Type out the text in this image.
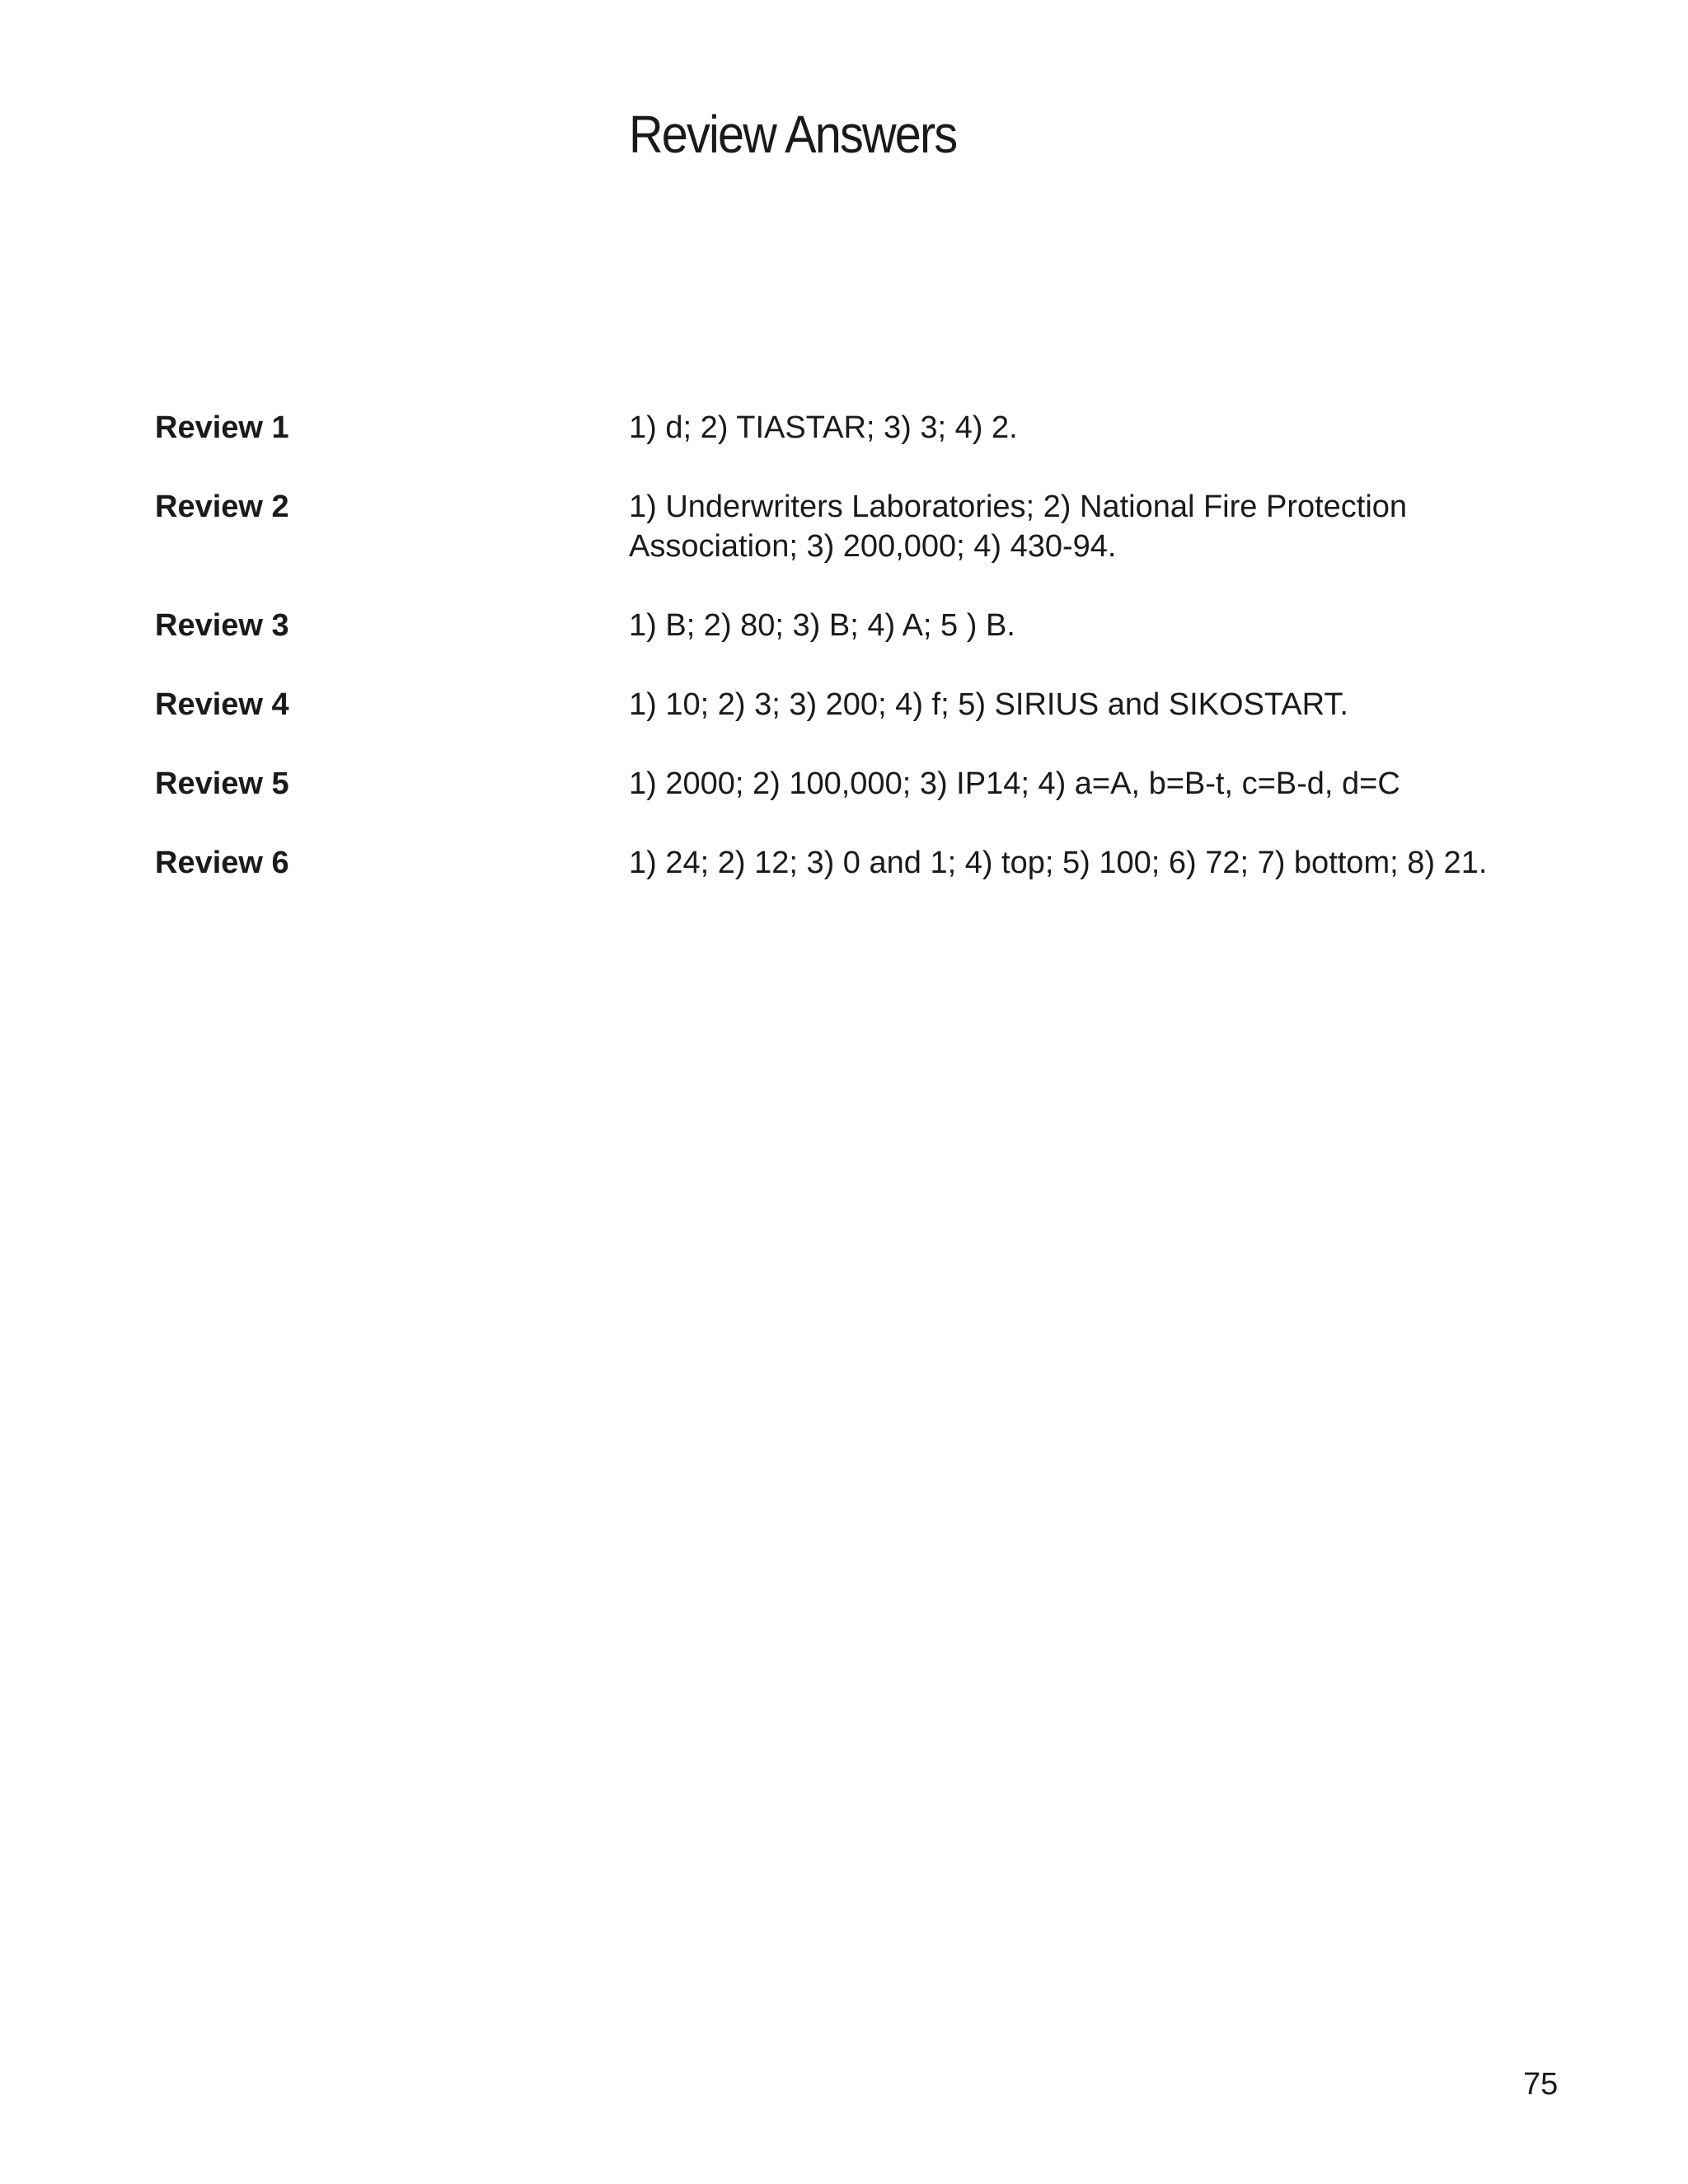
Review Answers
Review 1	1) d; 2) TIASTAR; 3) 3; 4) 2.
Review 2	1) Underwriters Laboratories; 2) National Fire Protection Association; 3) 200,000; 4) 430-94.
Review 3	1) B; 2) 80; 3) B; 4) A; 5 ) B.
Review 4	1) 10; 2) 3; 3) 200; 4) f; 5) SIRIUS and SIKOSTART.
Review 5	1) 2000; 2) 100,000; 3) IP14; 4) a=A, b=B-t, c=B-d, d=C
Review 6	1) 24; 2) 12; 3) 0 and 1; 4) top; 5) 100; 6) 72; 7) bottom; 8) 21.
75
